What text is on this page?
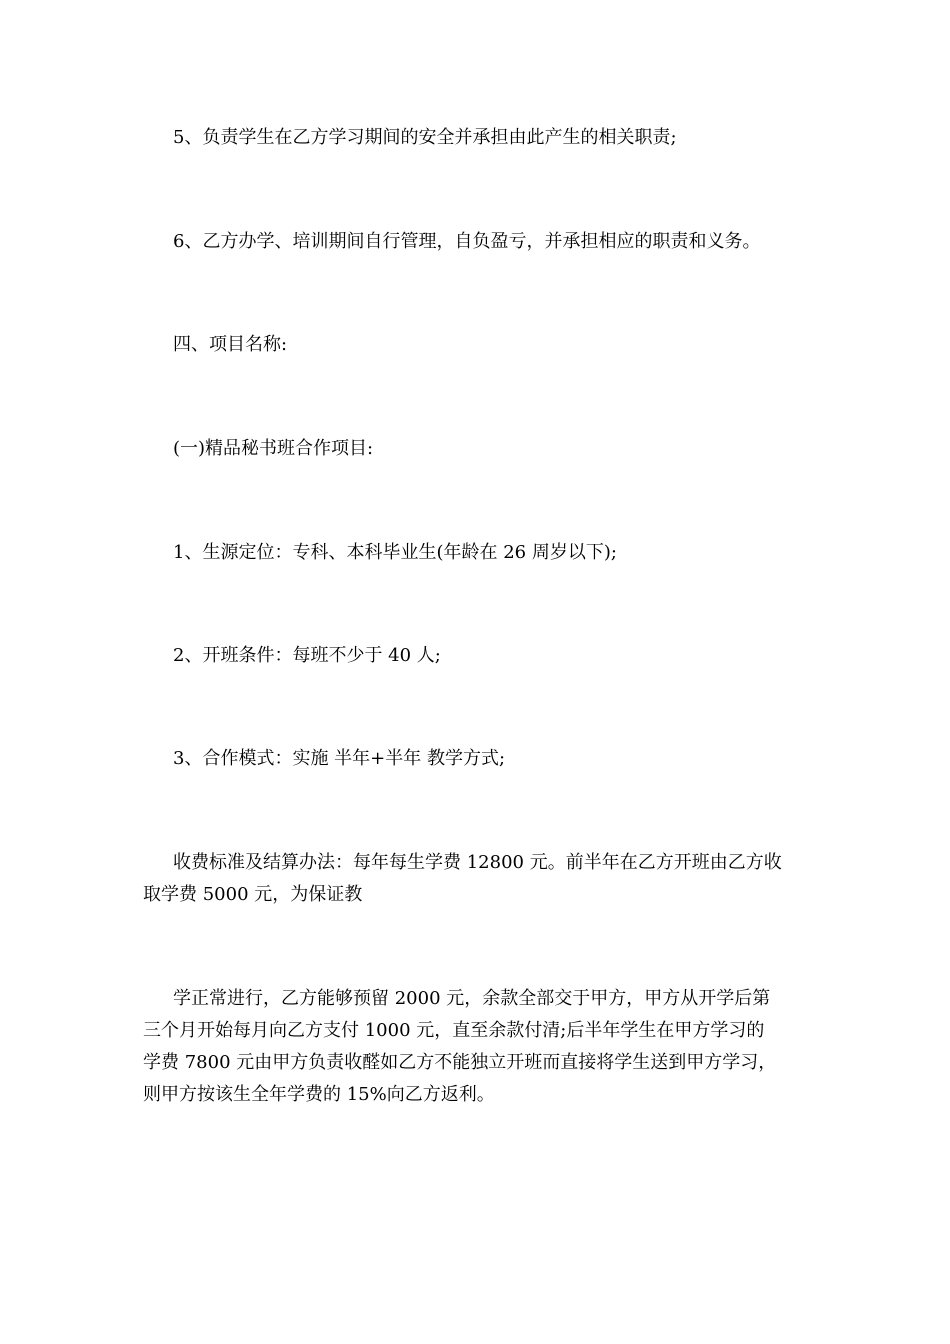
5、负责学生在乙方学习期间的安全并承担由此产生的相关职责;

6、乙方办学、培训期间自行管理，自负盈亏，并承担相应的职责和义务。

四、项目名称:

(一)精品秘书班合作项目:

1、生源定位：专科、本科毕业生(年龄在 26 周岁以下);

2、开班条件：每班不少于 40 人;

3、合作模式：实施 半年+半年 教学方式;

收费标准及结算办法：每年每生学费 12800 元。前半年在乙方开班由乙方收
取学费 5000 元，为保证教
学正常进行，乙方能够预留 2000 元，余款全部交于甲方，甲方从开学后第
三个月开始每月向乙方支付 1000 元，直至余款付清;后半年学生在甲方学习的
学费 7800 元由甲方负责收醛如乙方不能独立开班而直接将学生送到甲方学习，
则甲方按该生全年学费的 15%向乙方返利。
